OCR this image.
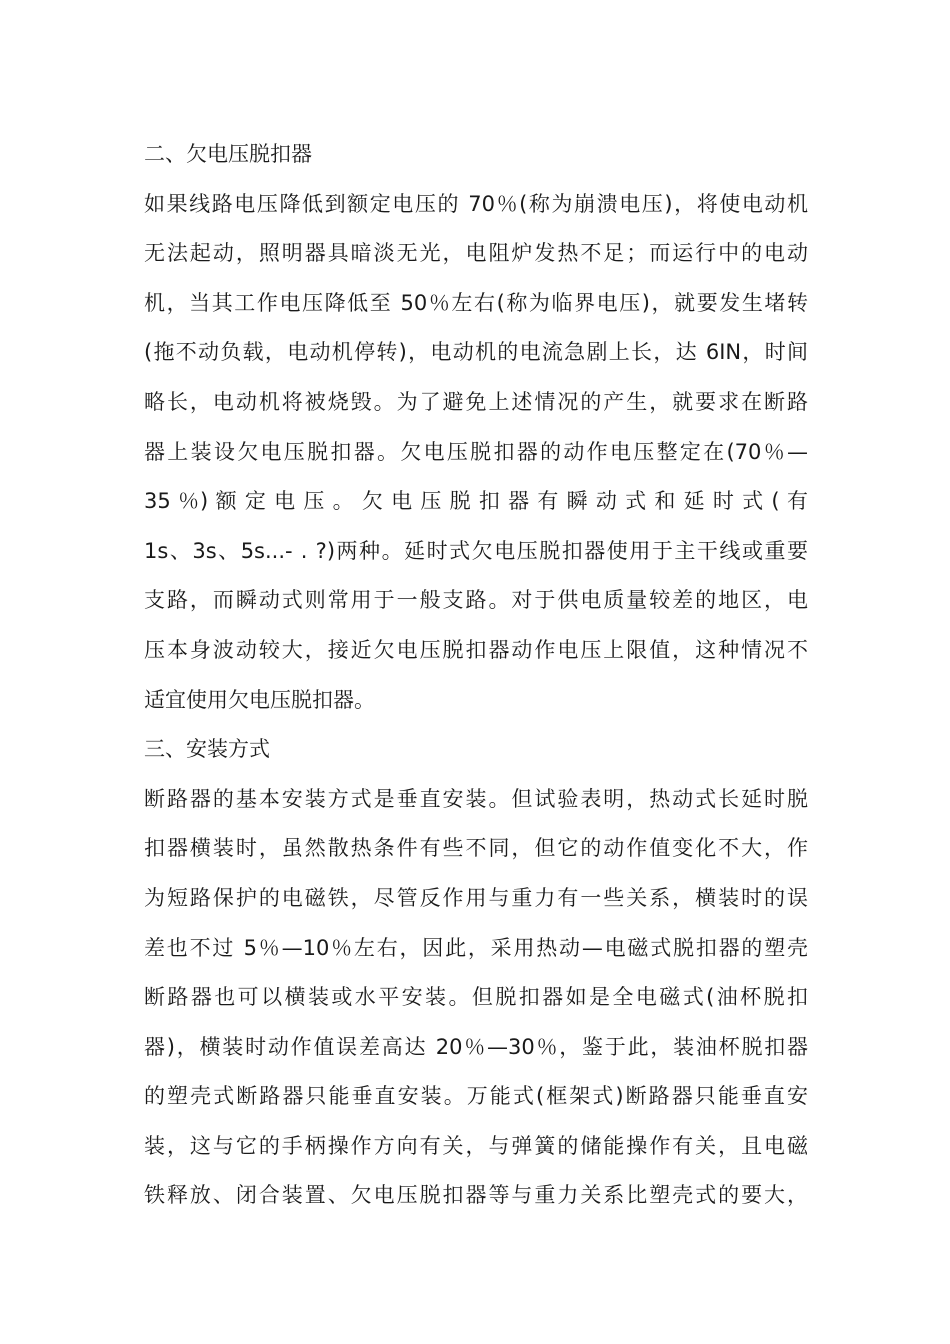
二、欠电压脱扣器
如果线路电压降低到额定电压的 70％(称为崩溃电压)，将使电动机
无法起动，照明器具暗淡无光，电阻炉发热不足；而运行中的电动
机，当其工作电压降低至 50％左右(称为临界电压)，就要发生堵转
(拖不动负载，电动机停转)，电动机的电流急剧上长，达 6IN，时间
略长，电动机将被烧毁。为了避免上述情况的产生，就要求在断路
器上装设欠电压脱扣器。欠电压脱扣器的动作电压整定在(70％—
35 ％) 额 定 电 压 。 欠 电 压 脱 扣 器 有 瞬 动 式 和 延 时 式 ( 有
1s、3s、5s...- . ?)两种。延时式欠电压脱扣器使用于主干线或重要
支路，而瞬动式则常用于一般支路。对于供电质量较差的地区，电
压本身波动较大，接近欠电压脱扣器动作电压上限值，这种情况不
适宜使用欠电压脱扣器。
三、安装方式
断路器的基本安装方式是垂直安装。但试验表明，热动式长延时脱
扣器横装时，虽然散热条件有些不同，但它的动作值变化不大，作
为短路保护的电磁铁，尽管反作用与重力有一些关系，横装时的误
差也不过 5％—10％左右，因此，采用热动—电磁式脱扣器的塑壳
断路器也可以横装或水平安装。但脱扣器如是全电磁式(油杯脱扣
器)，横装时动作值误差高达 20％—30％，鉴于此，装油杯脱扣器
的塑壳式断路器只能垂直安装。万能式(框架式)断路器只能垂直安
装，这与它的手柄操作方向有关，与弹簧的储能操作有关，且电磁
铁释放、闭合装置、欠电压脱扣器等与重力关系比塑壳式的要大，
